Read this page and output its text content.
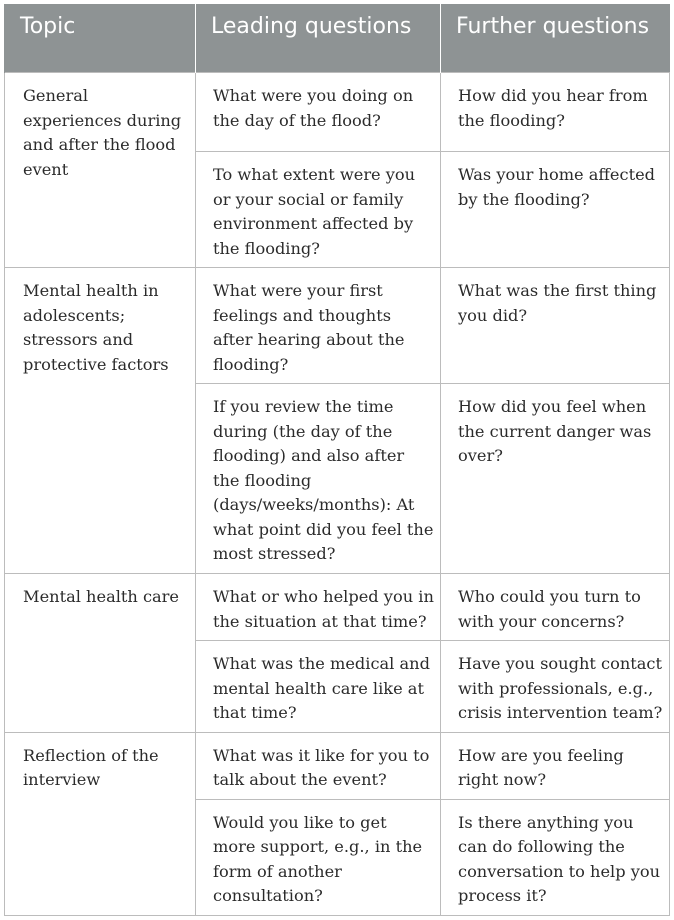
Topic	Leading questions	Further questions
General experiences during and after the flood event	What were you doing on the day of the flood?	How did you hear from the flooding?
	To what extent were you or your social or family environment affected by the flooding?	Was your home affected by the flooding?
Mental health in adolescents; stressors and protective factors	What were your first feelings and thoughts after hearing about the flooding?	What was the first thing you did?
	If you review the time during (the day of the flooding) and also after the flooding (days/weeks/months): At what point did you feel the most stressed?	How did you feel when the current danger was over?
Mental health care	What or who helped you in the situation at that time?	Who could you turn to with your concerns?
	What was the medical and mental health care like at that time?	Have you sought contact with professionals, e.g., crisis intervention team?
Reflection of the interview	What was it like for you to talk about the event?	How are you feeling right now?
	Would you like to get more support, e.g., in the form of another consultation?	Is there anything you can do following the conversation to help you process it?
